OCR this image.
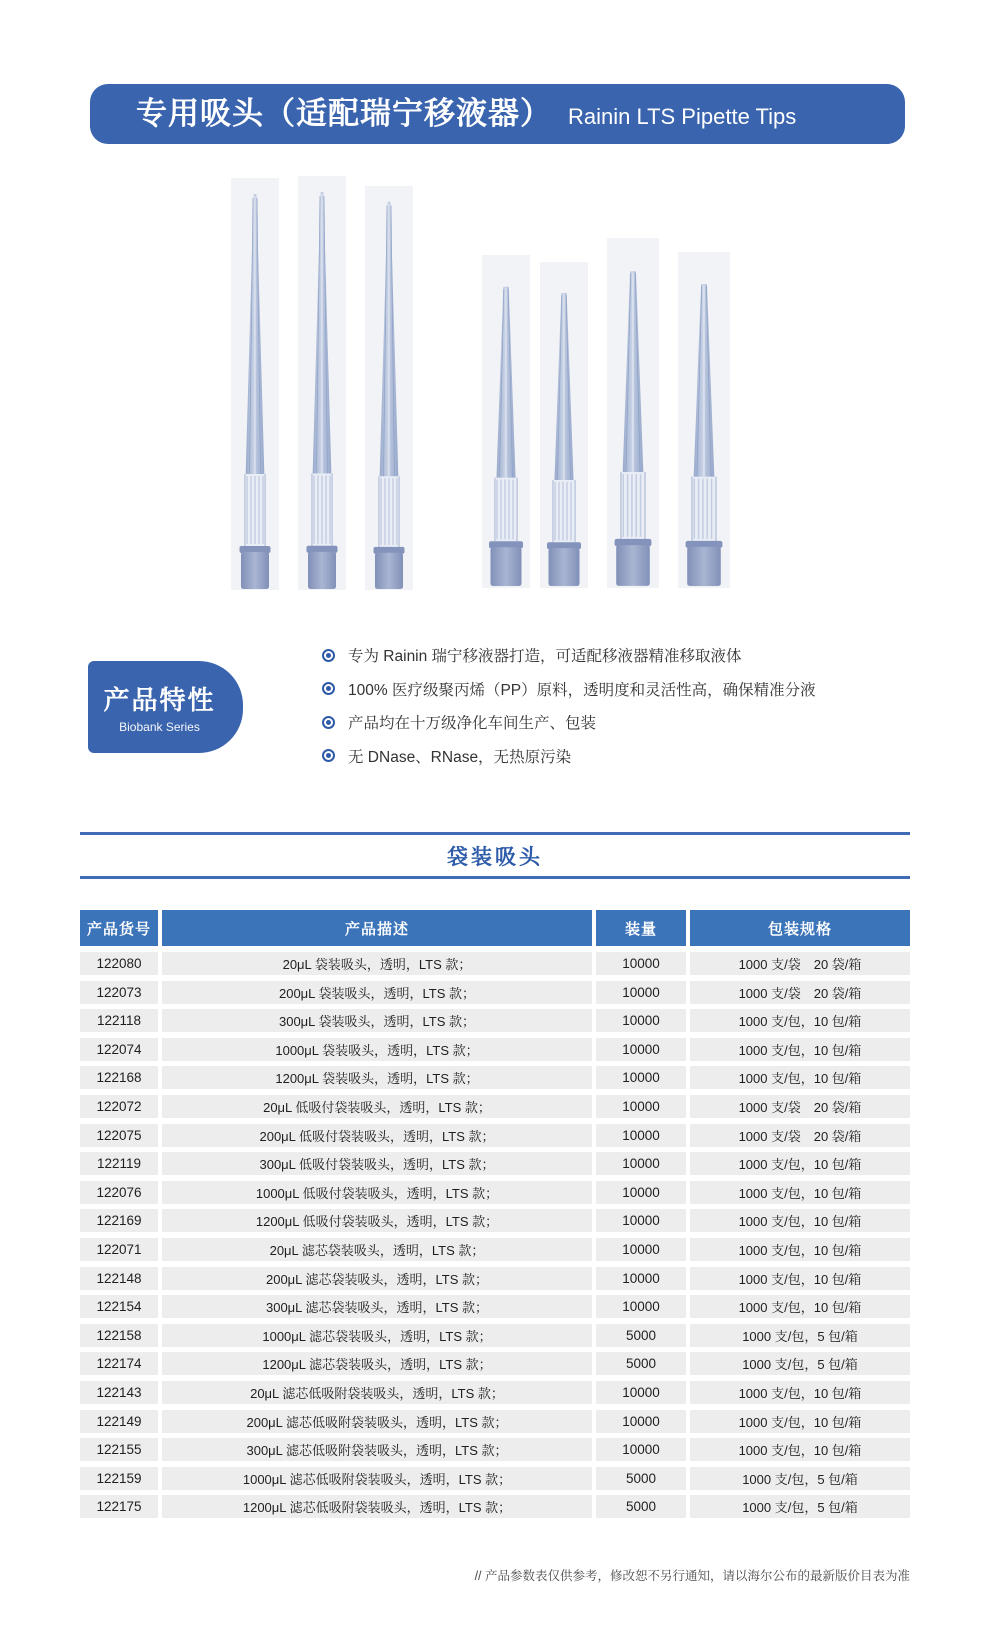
专用吸头（适配瑞宁移液器） Rainin LTS Pipette Tips
产品特性
Biobank Series
专为 Rainin 瑞宁移液器打造，可适配移液器精准移取液体
100% 医疗级聚丙烯（PP）原料，透明度和灵活性高，确保精准分液
产品均在十万级净化车间生产、包装
无 DNase、RNase，无热原污染
袋装吸头
产品货号	产品描述	装量	包装规格
122080	20μL 袋装吸头，透明，LTS 款；	10000	1000 支/袋　20 袋/箱
122073	200μL 袋装吸头，透明，LTS 款；	10000	1000 支/袋　20 袋/箱
122118	300μL 袋装吸头，透明，LTS 款；	10000	1000 支/包，10 包/箱
122074	1000μL 袋装吸头，透明，LTS 款；	10000	1000 支/包，10 包/箱
122168	1200μL 袋装吸头，透明，LTS 款；	10000	1000 支/包，10 包/箱
122072	20μL 低吸付袋装吸头，透明，LTS 款；	10000	1000 支/袋　20 袋/箱
122075	200μL 低吸付袋装吸头，透明，LTS 款；	10000	1000 支/袋　20 袋/箱
122119	300μL 低吸付袋装吸头，透明，LTS 款；	10000	1000 支/包，10 包/箱
122076	1000μL 低吸付袋装吸头，透明，LTS 款；	10000	1000 支/包，10 包/箱
122169	1200μL 低吸付袋装吸头，透明，LTS 款；	10000	1000 支/包，10 包/箱
122071	20μL 滤芯袋装吸头，透明，LTS 款；	10000	1000 支/包，10 包/箱
122148	200μL 滤芯袋装吸头，透明，LTS 款；	10000	1000 支/包，10 包/箱
122154	300μL 滤芯袋装吸头，透明，LTS 款；	10000	1000 支/包，10 包/箱
122158	1000μL 滤芯袋装吸头，透明，LTS 款；	5000	1000 支/包，5 包/箱
122174	1200μL 滤芯袋装吸头，透明，LTS 款；	5000	1000 支/包，5 包/箱
122143	20μL 滤芯低吸附袋装吸头，透明，LTS 款；	10000	1000 支/包，10 包/箱
122149	200μL 滤芯低吸附袋装吸头，透明，LTS 款；	10000	1000 支/包，10 包/箱
122155	300μL 滤芯低吸附袋装吸头，透明，LTS 款；	10000	1000 支/包，10 包/箱
122159	1000μL 滤芯低吸附袋装吸头，透明，LTS 款；	5000	1000 支/包，5 包/箱
122175	1200μL 滤芯低吸附袋装吸头，透明，LTS 款；	5000	1000 支/包，5 包/箱
// 产品参数表仅供参考，修改恕不另行通知，请以海尔公布的最新版价目表为准
